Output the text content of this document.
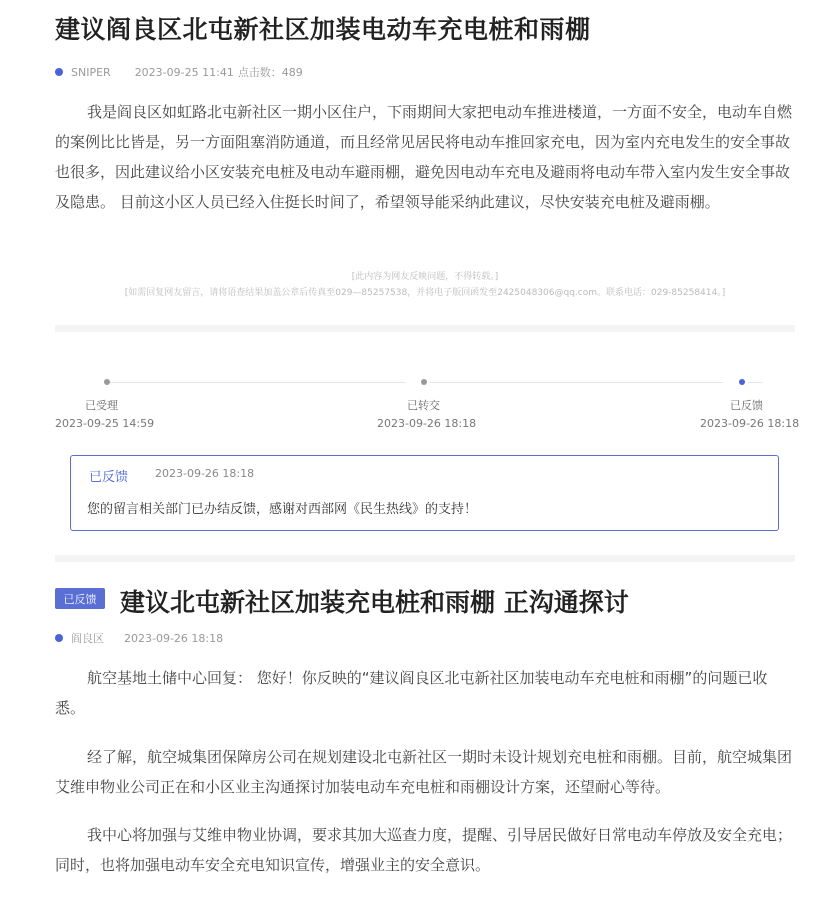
建议阎良区北屯新社区加装电动车充电桩和雨棚
SNIPER 2023-09-25 11:41 点击数：489
我是阎良区如虹路北屯新社区一期小区住户，下雨期间大家把电动车推进楼道，一方面不安全，电动车自燃的案例比比皆是，另一方面阻塞消防通道，而且经常见居民将电动车推回家充电，因为室内充电发生的安全事故也很多，因此建议给小区安装充电桩及电动车避雨棚，避免因电动车充电及避雨将电动车带入室内发生安全事故及隐患。 目前这小区人员已经入住挺长时间了，希望领导能采纳此建议，尽快安装充电桩及避雨棚。
[此内容为网友反映问题，不得转载。]
[如需回复网友留言，请将语查结果加盖公章后传真至029—85257538，并将电子版回函发至2425048306@qq.com。联系电话：029-85258414。]
已受理	已转交	已反馈
2023-09-25 14:59	2023-09-26 18:18	2023-09-26 18:18
已反馈 2023-09-26 18:18
您的留言相关部门已办结反馈，感谢对西部网《民生热线》的支持！
已反馈 建议北屯新社区加装充电桩和雨棚 正沟通探讨
阎良区 2023-09-26 18:18
航空基地土储中心回复： 您好！你反映的“建议阎良区北屯新社区加装电动车充电桩和雨棚”的问题已收悉。
经了解，航空城集团保障房公司在规划建设北屯新社区一期时未设计规划充电桩和雨棚。目前，航空城集团艾维申物业公司正在和小区业主沟通探讨加装电动车充电桩和雨棚设计方案，还望耐心等待。
我中心将加强与艾维申物业协调，要求其加大巡查力度，提醒、引导居民做好日常电动车停放及安全充电；同时，也将加强电动车安全充电知识宣传，增强业主的安全意识。
